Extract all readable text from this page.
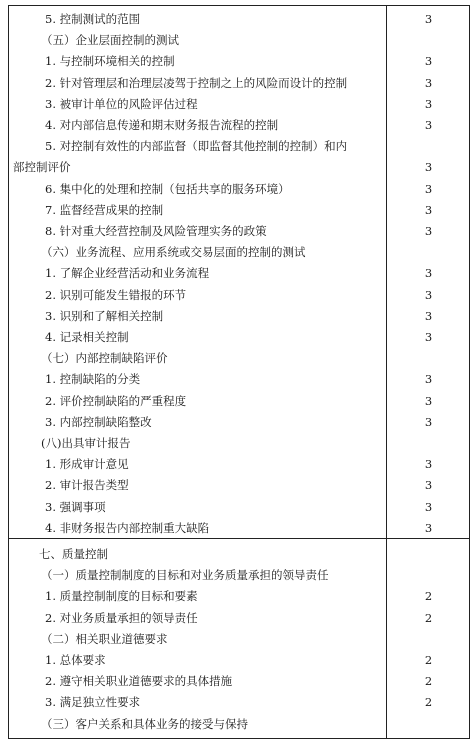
5. 控制测试的范围	3
（五）企业层面控制的测试
1. 与控制环境相关的控制	3
2. 针对管理层和治理层凌驾于控制之上的风险而设计的控制	3
3. 被审计单位的风险评估过程	3
4. 对内部信息传递和期末财务报告流程的控制	3
5. 对控制有效性的内部监督（即监督其他控制的控制）和内
部控制评价	3
6. 集中化的处理和控制（包括共享的服务环境）	3
7. 监督经营成果的控制	3
8. 针对重大经营控制及风险管理实务的政策	3
（六）业务流程、应用系统或交易层面的控制的测试
1. 了解企业经营活动和业务流程	3
2. 识别可能发生错报的环节	3
3. 识别和了解相关控制	3
4. 记录相关控制	3
（七）内部控制缺陷评价
1. 控制缺陷的分类	3
2. 评价控制缺陷的严重程度	3
3. 内部控制缺陷整改	3
(八)出具审计报告
1. 形成审计意见	3
2. 审计报告类型	3
3. 强调事项	3
4. 非财务报告内部控制重大缺陷	3
七、质量控制
（一）质量控制制度的目标和对业务质量承担的领导责任
1. 质量控制制度的目标和要素	2
2. 对业务质量承担的领导责任	2
（二）相关职业道德要求
1. 总体要求	2
2. 遵守相关职业道德要求的具体措施	2
3. 满足独立性要求	2
（三）客户关系和具体业务的接受与保持
